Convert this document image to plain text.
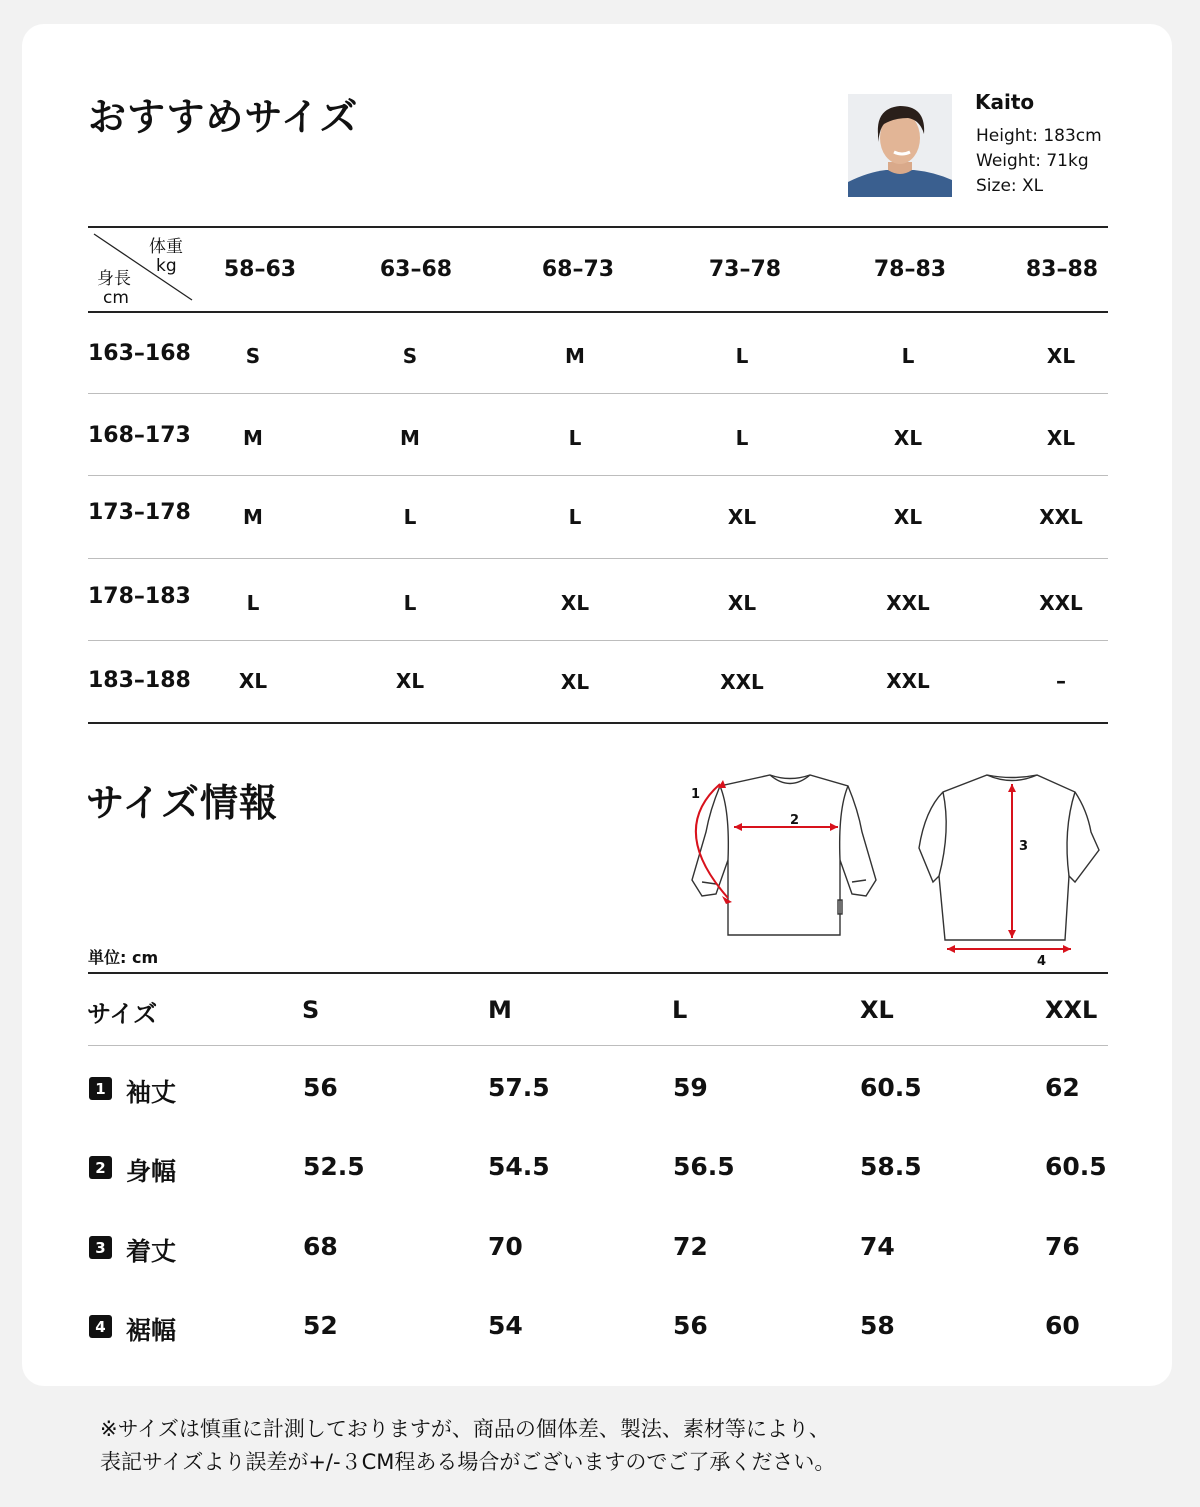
おすすめサイズ	Kaito
Height: 183cm
Weight: 71kg
Size: XL
体重
kg
身長
cm
58–63	63–68	68–73	73–78	78–83	83–88
163–168	S	S	M	L	L	XL
168–173	M	M	L	L	XL	XL
173–178	M	L	L	XL	XL	XXL
178–183	L	L	XL	XL	XXL	XXL
183–188	XL	XL	XL	XXL	XXL	–
サイズ情報	1
2
3
4
単位: cm
サイズ	S	M	L	XL	XXL
1 袖丈	56	57.5	59	60.5	62
2 身幅	52.5	54.5	56.5	58.5	60.5
3 着丈	68	70	72	74	76
4 裾幅	52	54	56	58	60
※サイズは慎重に計測しておりますが、商品の個体差、製法、素材等により、
表記サイズより誤差が+/-３CM程ある場合がございますのでご了承ください。
